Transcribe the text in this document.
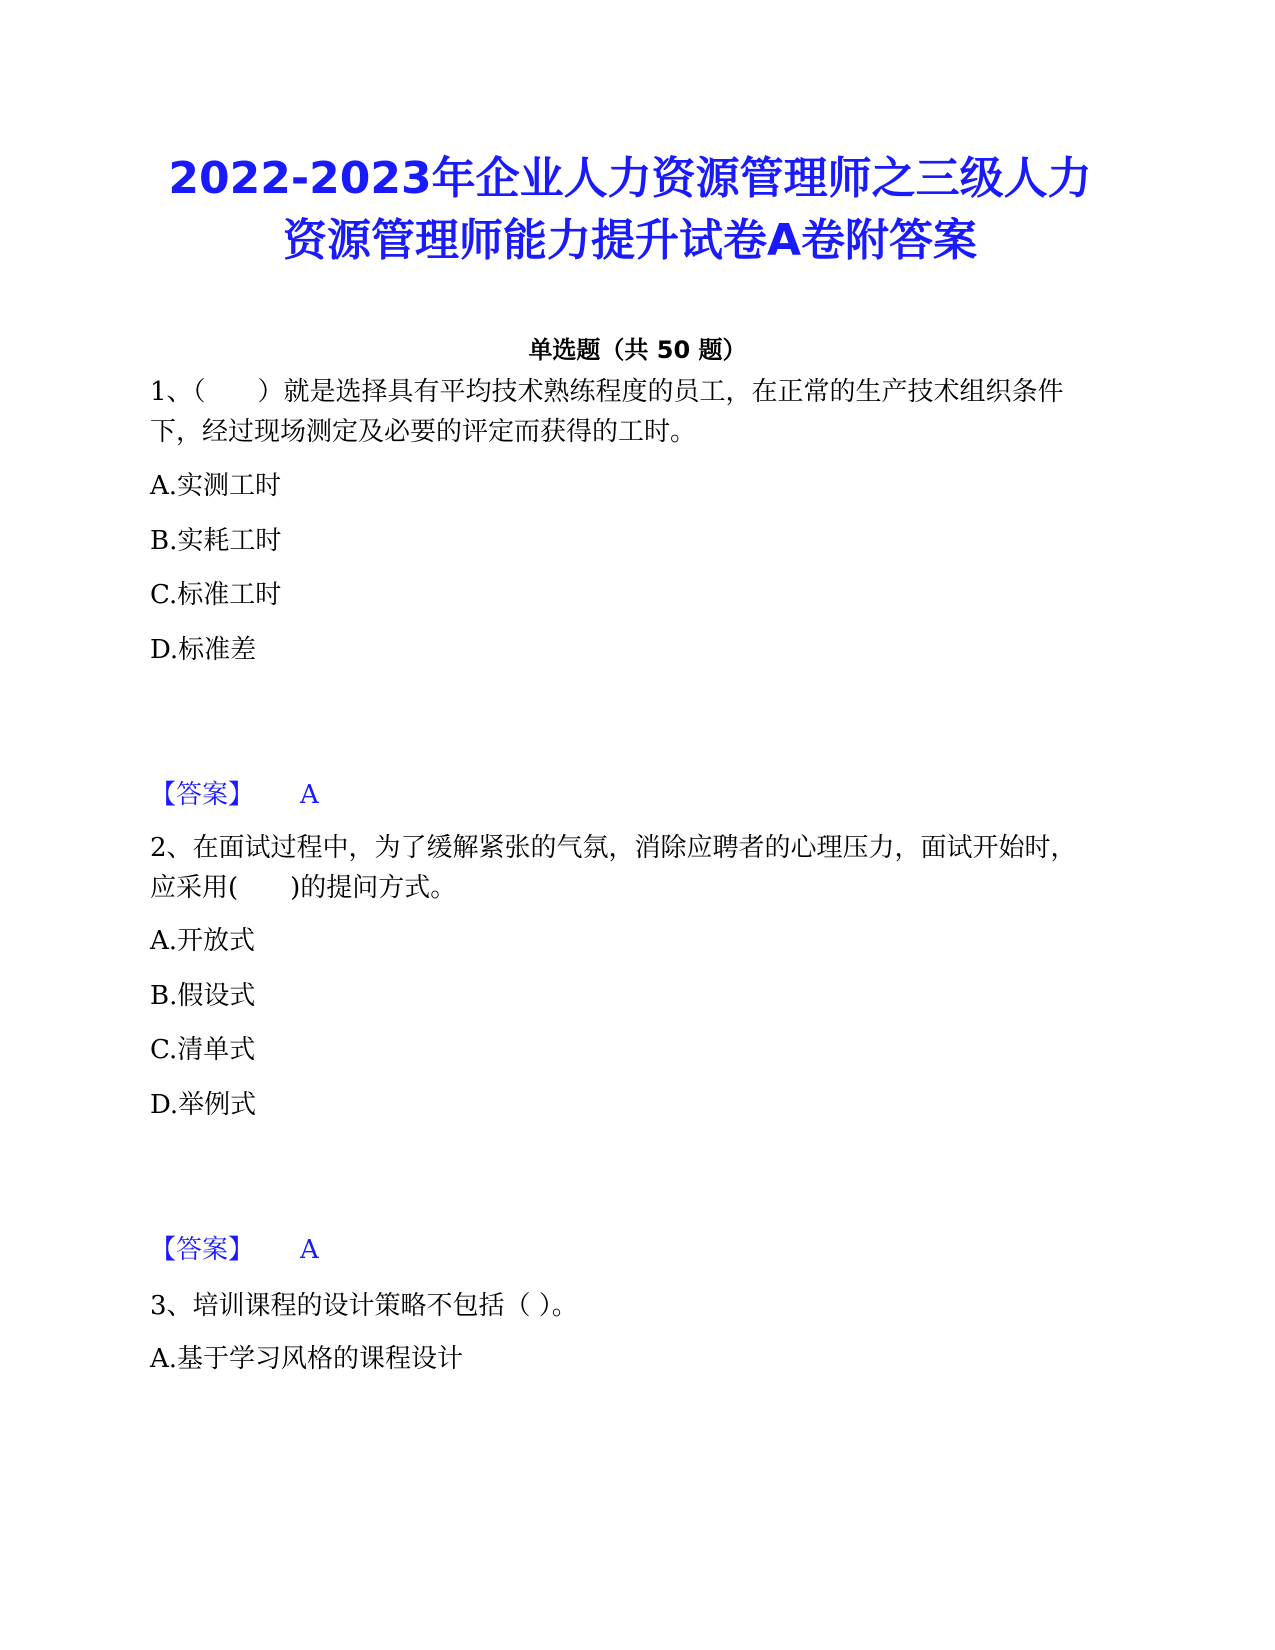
2022-2023年企业人力资源管理师之三级人力资源管理师能力提升试卷A卷附答案
单选题（共 50 题）
1、（　　）就是选择具有平均技术熟练程度的员工，在正常的生产技术组织条件下，经过现场测定及必要的评定而获得的工时。
A.实测工时
B.实耗工时
C.标准工时
D.标准差
【答案】 A
2、在面试过程中，为了缓解紧张的气氛，消除应聘者的心理压力，面试开始时，应采用(　　)的提问方式。
A.开放式
B.假设式
C.清单式
D.举例式
【答案】 A
3、培训课程的设计策略不包括（ ）。
A.基于学习风格的课程设计
